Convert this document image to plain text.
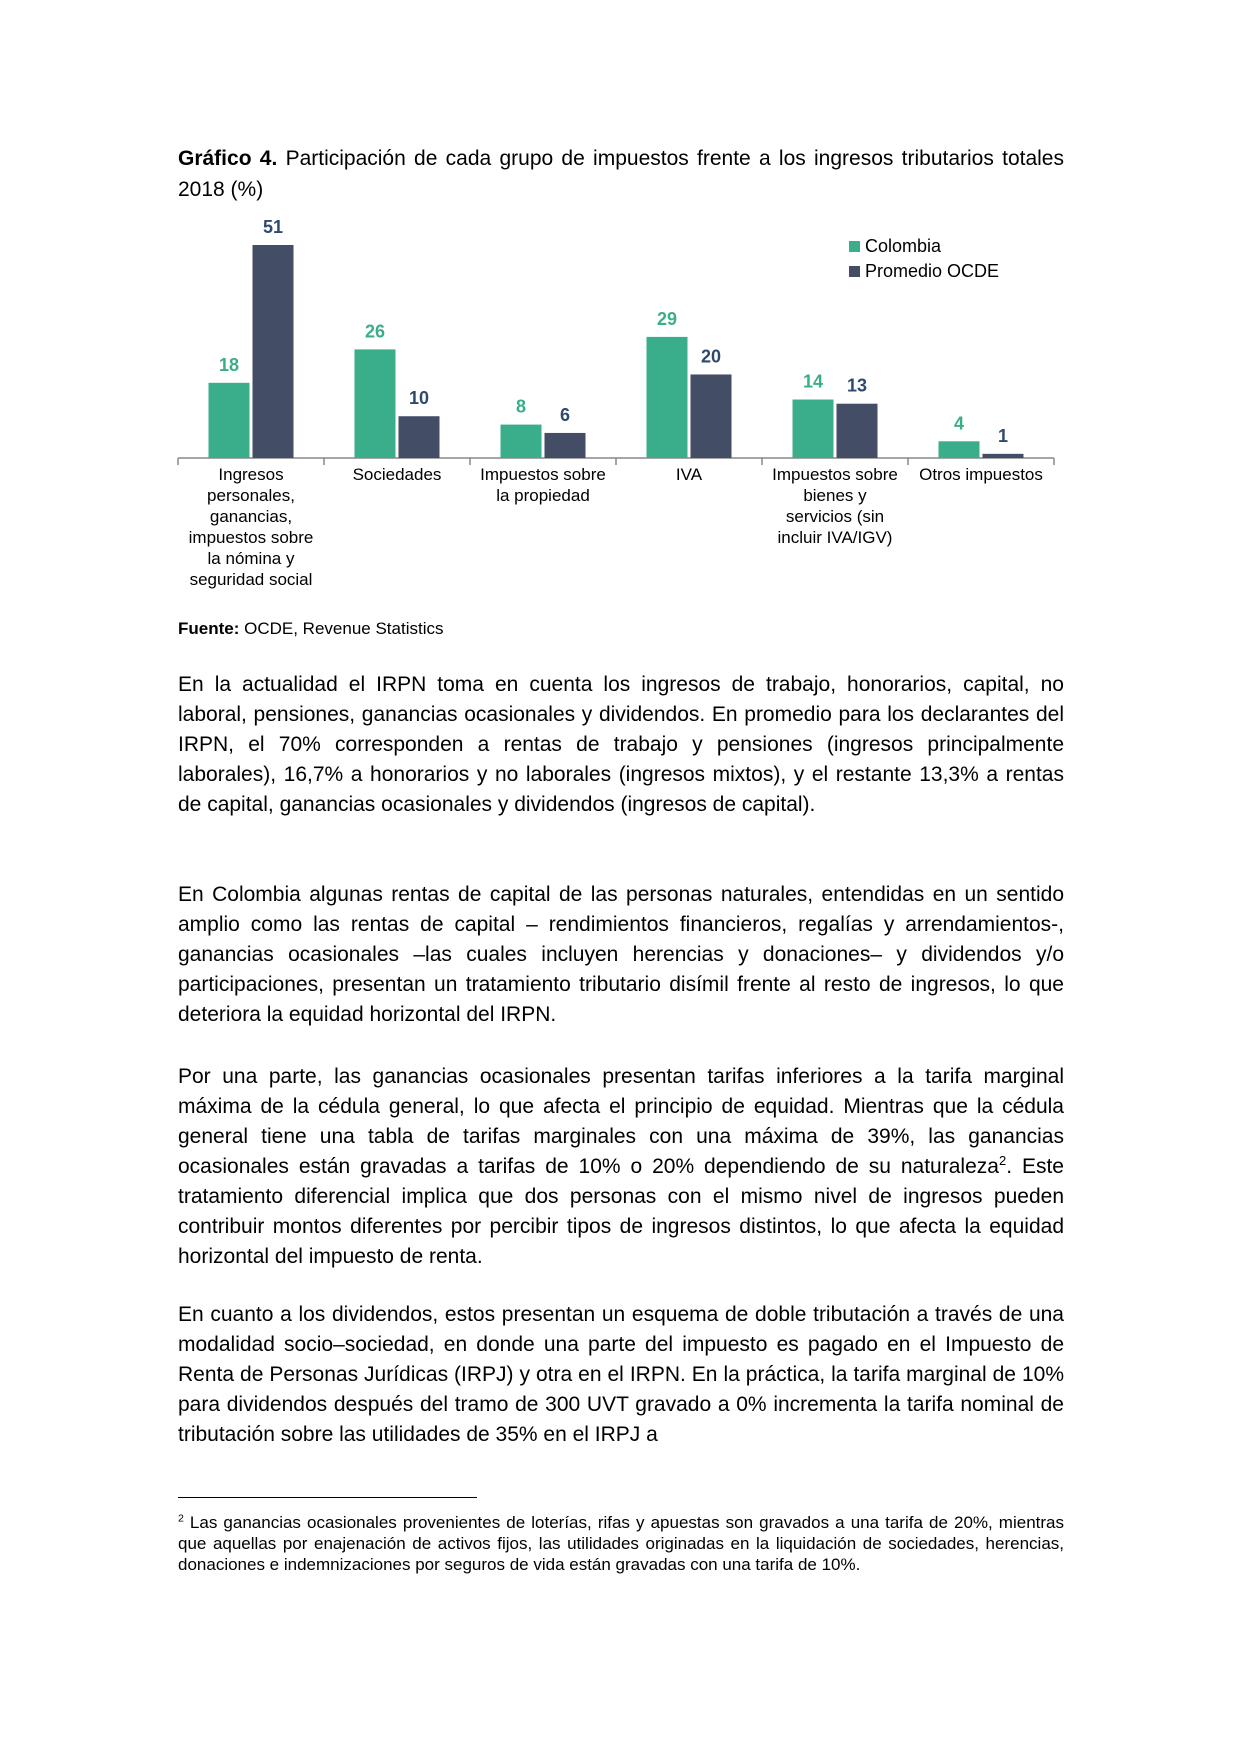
Gráfico 4. Participación de cada grupo de impuestos frente a los ingresos tributarios totales 2018 (%)
18
51
Ingresos personales, ganancias, impuestos sobre la nómina y seguridad social
26
10
Sociedades
8 6
Impuestos sobre la propiedad
29
20
IVA
14 13
Impuestos sobre bienes y servicios (sin incluir IVA/IGV)
4
1
Otros impuestos
Colombia
Promedio OCDE
Fuente: OCDE, Revenue Statistics

En la actualidad el IRPN toma en cuenta los ingresos de trabajo, honorarios, capital, no laboral, pensiones, ganancias ocasionales y dividendos. En promedio para los declarantes del IRPN, el 70% corresponden a rentas de trabajo y pensiones (ingresos principalmente laborales), 16,7% a honorarios y no laborales (ingresos mixtos), y el restante 13,3% a rentas de capital, ganancias ocasionales y dividendos (ingresos de capital).

En Colombia algunas rentas de capital de las personas naturales, entendidas en un sentido amplio como las rentas de capital – rendimientos financieros, regalías y arrendamientos-, ganancias ocasionales –las cuales incluyen herencias y donaciones– y dividendos y/o participaciones, presentan un tratamiento tributario disímil frente al resto de ingresos, lo que deteriora la equidad horizontal del IRPN.

Por una parte, las ganancias ocasionales presentan tarifas inferiores a la tarifa marginal máxima de la cédula general, lo que afecta el principio de equidad. Mientras que la cédula general tiene una tabla de tarifas marginales con una máxima de 39%, las ganancias ocasionales están gravadas a tarifas de 10% o 20% dependiendo de su naturaleza$^2$. Este tratamiento diferencial implica que dos personas con el mismo nivel de ingresos pueden contribuir montos diferentes por percibir tipos de ingresos distintos, lo que afecta la equidad horizontal del impuesto de renta.

En cuanto a los dividendos, estos presentan un esquema de doble tributación a través de una modalidad socio–sociedad, en donde una parte del impuesto es pagado en el Impuesto de Renta de Personas Jurídicas (IRPJ) y otra en el IRPN. En la práctica, la tarifa marginal de 10% para dividendos después del tramo de 300 UVT gravado a 0% incrementa la tarifa nominal de tributación sobre las utilidades de 35% en el IRPJ a

$^2$ Las ganancias ocasionales provenientes de loterías, rifas y apuestas son gravados a una tarifa de 20%, mientras que aquellas por enajenación de activos fijos, las utilidades originadas en la liquidación de sociedades, herencias, donaciones e indemnizaciones por seguros de vida están gravadas con una tarifa de 10%.
